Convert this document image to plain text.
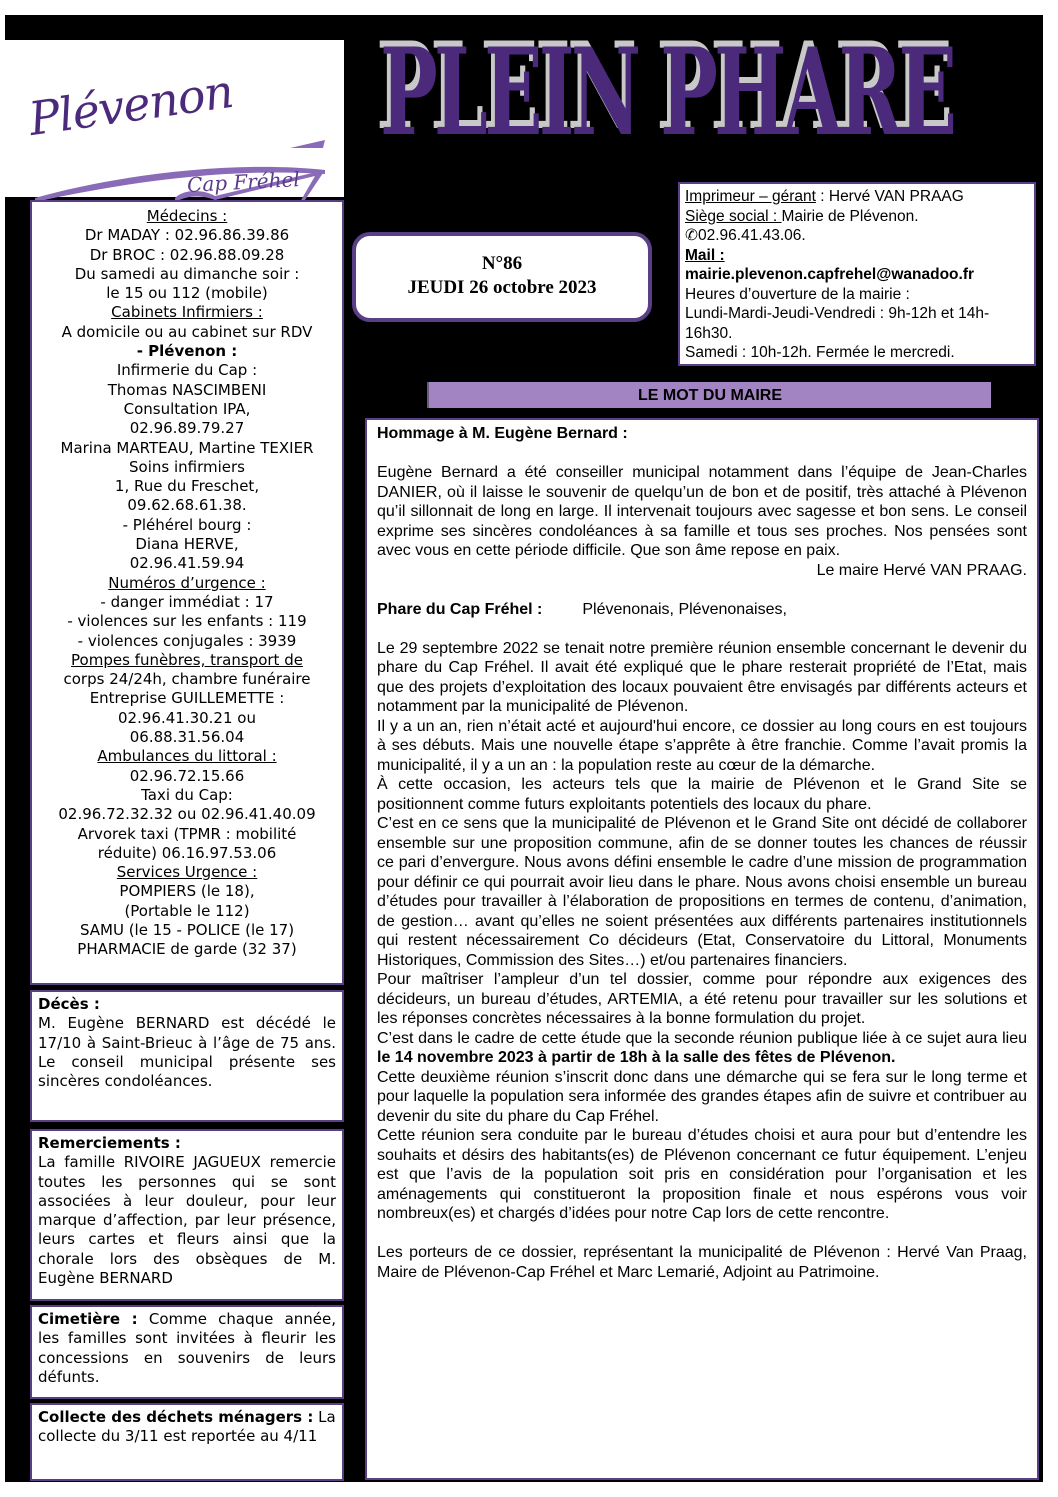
Plévenon
Cap Fréhel
PLEIN PHARE
N°86
JEUDI 26 octobre 2023
Imprimeur – gérant : Hervé VAN PRAAG
Siège social : Mairie de Plévenon.
✆02.96.41.43.06.
Mail :
mairie.plevenon.capfrehel@wanadoo.fr
Heures d’ouverture de la mairie :
Lundi-Mardi-Jeudi-Vendredi : 9h-12h et 14h-16h30.
Samedi : 10h-12h. Fermée le mercredi.
LE MOT DU MAIRE
Médecins :
Dr MADAY : 02.96.86.39.86
Dr BROC : 02.96.88.09.28
Du samedi au dimanche soir :
le 15 ou 112 (mobile)
Cabinets Infirmiers :
A domicile ou au cabinet sur RDV
- Plévenon :
Infirmerie du Cap :
Thomas NASCIMBENI
Consultation IPA,
02.96.89.79.27
Marina MARTEAU, Martine TEXIER
Soins infirmiers
1, Rue du Freschet,
09.62.68.61.38.
- Pléhérel bourg :
Diana HERVE,
02.96.41.59.94
Numéros d’urgence :
- danger immédiat : 17
- violences sur les enfants : 119
- violences conjugales : 3939
Pompes funèbres, transport de
corps 24/24h, chambre funéraire
Entreprise GUILLEMETTE :
02.96.41.30.21 ou
06.88.31.56.04
Ambulances du littoral :
02.96.72.15.66
Taxi du Cap:
02.96.72.32.32 ou 02.96.41.40.09
Arvorek taxi (TPMR : mobilité
réduite) 06.16.97.53.06
Services Urgence :
POMPIERS (le 18),
(Portable le 112)
SAMU (le 15 - POLICE (le 17)
PHARMACIE de garde (32 37)
Décès :
M. Eugène BERNARD est décédé le 17/10 à Saint-Brieuc à l’âge de 75 ans. Le conseil municipal présente ses sincères condoléances.
Remerciements :
La famille RIVOIRE JAGUEUX remercie toutes les personnes qui se sont associées à leur douleur, pour leur marque d’affection, par leur présence, leurs cartes et fleurs ainsi que la chorale lors des obsèques de M. Eugène BERNARD
Cimetière : Comme chaque année, les familles sont invitées à fleurir les concessions en souvenirs de leurs défunts.
Collecte des déchets ménagers : La collecte du 3/11 est reportée au 4/11

Hommage à M. Eugène Bernard :

Eugène Bernard a été conseiller municipal notamment dans l’équipe de Jean-Charles DANIER, où il laisse le souvenir de quelqu’un de bon et de positif, très attaché à Plévenon qu’il sillonnait de long en large. Il intervenait toujours avec sagesse et bon sens. Le conseil exprime ses sincères condoléances à sa famille et tous ses proches. Nos pensées sont avec vous en cette période difficile. Que son âme repose en paix.

Le maire Hervé VAN PRAAG.

Phare du Cap Fréhel :	Plévenonais, Plévenonaises,

Le 29 septembre 2022 se tenait notre première réunion ensemble concernant le devenir du phare du Cap Fréhel. Il avait été expliqué que le phare resterait propriété de l’Etat, mais que des projets d’exploitation des locaux pouvaient être envisagés par différents acteurs et notamment par la municipalité de Plévenon.

Il y a un an, rien n’était acté et aujourd'hui encore, ce dossier au long cours en est toujours à ses débuts. Mais une nouvelle étape s’apprête à être franchie. Comme l’avait promis la municipalité, il y a un an : la population reste au cœur de la démarche.

À cette occasion, les acteurs tels que la mairie de Plévenon et le Grand Site se positionnent comme futurs exploitants potentiels des locaux du phare.

C’est en ce sens que la municipalité de Plévenon et le Grand Site ont décidé de collaborer ensemble sur une proposition commune, afin de se donner toutes les chances de réussir ce pari d’envergure. Nous avons défini ensemble le cadre d’une mission de programmation pour définir ce qui pourrait avoir lieu dans le phare. Nous avons choisi ensemble un bureau d’études pour travailler à l’élaboration de propositions en termes de contenu, d’animation, de gestion… avant qu’elles ne soient présentées aux différents partenaires institutionnels qui restent nécessairement Co décideurs (Etat, Conservatoire du Littoral, Monuments Historiques, Commission des Sites…) et/ou partenaires financiers.

Pour maîtriser l’ampleur d’un tel dossier, comme pour répondre aux exigences des décideurs, un bureau d’études, ARTEMIA, a été retenu pour travailler sur les solutions et les réponses concrètes nécessaires à la bonne formulation du projet.

C’est dans le cadre de cette étude que la seconde réunion publique liée à ce sujet aura lieu le 14 novembre 2023 à partir de 18h à la salle des fêtes de Plévenon.

Cette deuxième réunion s’inscrit donc dans une démarche qui se fera sur le long terme et pour laquelle la population sera informée des grandes étapes afin de suivre et contribuer au devenir du site du phare du Cap Fréhel.

Cette réunion sera conduite par le bureau d’études choisi et aura pour but d’entendre les souhaits et désirs des habitants(es) de Plévenon concernant ce futur équipement. L’enjeu est que l’avis de la population soit pris en considération pour l’organisation et les aménagements qui constitueront la proposition finale et nous espérons vous voir nombreux(es) et chargés d’idées pour notre Cap lors de cette rencontre.

Les porteurs de ce dossier, représentant la municipalité de Plévenon : Hervé Van Praag, Maire de Plévenon-Cap Fréhel et Marc Lemarié, Adjoint au Patrimoine.
